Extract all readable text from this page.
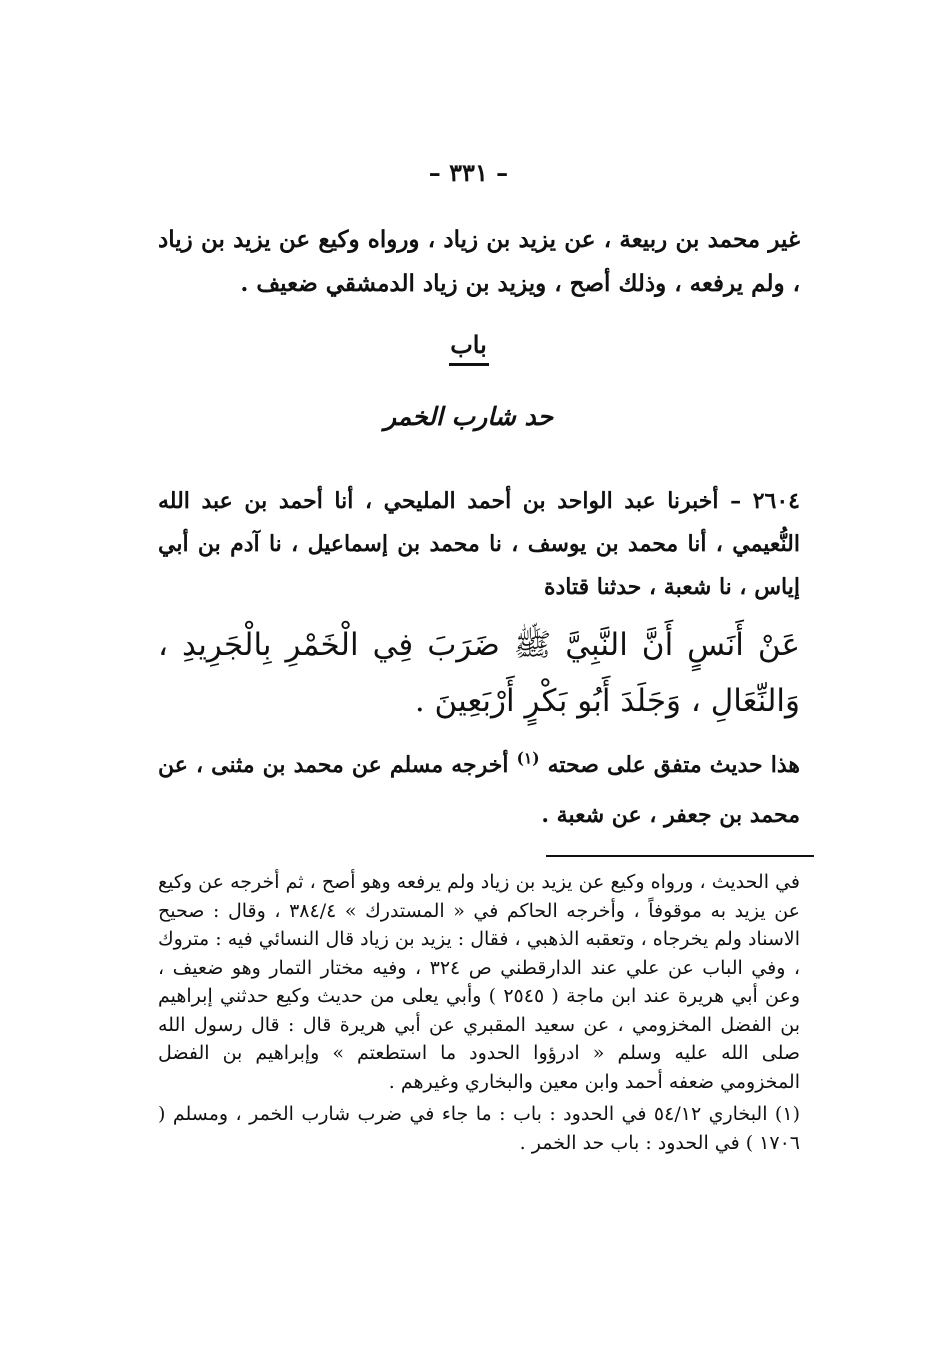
– ٣٣١ –
غير محمد بن ربيعة ، عن يزيد بن زياد ، ورواه وكيع عن يزيد بن زياد ، ولم يرفعه ، وذلك أصح ، ويزيد بن زياد الدمشقي ضعيف .
باب
حد شارب الخمر
٢٦٠٤ – أخبرنا عبد الواحد بن أحمد المليحي ، أنا أحمد بن عبد الله النُّعيمي ، أنا محمد بن يوسف ، نا محمد بن إسماعيل ، نا آدم بن أبي إياس ، نا شعبة ، حدثنا قتادة
عَنْ أَنَسٍ أَنَّ النَّبِيَّ ﷺ ضَرَبَ فِي الْخَمْرِ بِالْجَرِيدِ ، وَالنِّعَالِ ، وَجَلَدَ أَبُو بَكْرٍ أَرْبَعِينَ .
هذا حديث متفق على صحته $^{(١)}$ أخرجه مسلم عن محمد بن مثنى ، عن محمد بن جعفر ، عن شعبة .

في الحديث ، ورواه وكيع عن يزيد بن زياد ولم يرفعه وهو أصح ، ثم أخرجه عن وكيع عن يزيد به موقوفاً ، وأخرجه الحاكم في « المستدرك » ٣٨٤/٤ ، وقال : صحيح الاسناد ولم يخرجاه ، وتعقبه الذهبي ، فقال : يزيد بن زياد قال النسائي فيه : متروك ، وفي الباب عن علي عند الدارقطني ص ٣٢٤ ، وفيه مختار التمار وهو ضعيف ، وعن أبي هريرة عند ابن ماجة ( ٢٥٤٥ ) وأبي يعلى من حديث وكيع حدثني إبراهيم بن الفضل المخزومي ، عن سعيد المقبري عن أبي هريرة قال : قال رسول الله صلى الله عليه وسلم « ادرؤوا الحدود ما استطعتم » وإبراهيم بن الفضل المخزومي ضعفه أحمد وابن معين والبخاري وغيرهم .

(١) البخاري ٥٤/١٢ في الحدود : باب : ما جاء في ضرب شارب الخمر ، ومسلم ( ١٧٠٦ ) في الحدود : باب حد الخمر .
